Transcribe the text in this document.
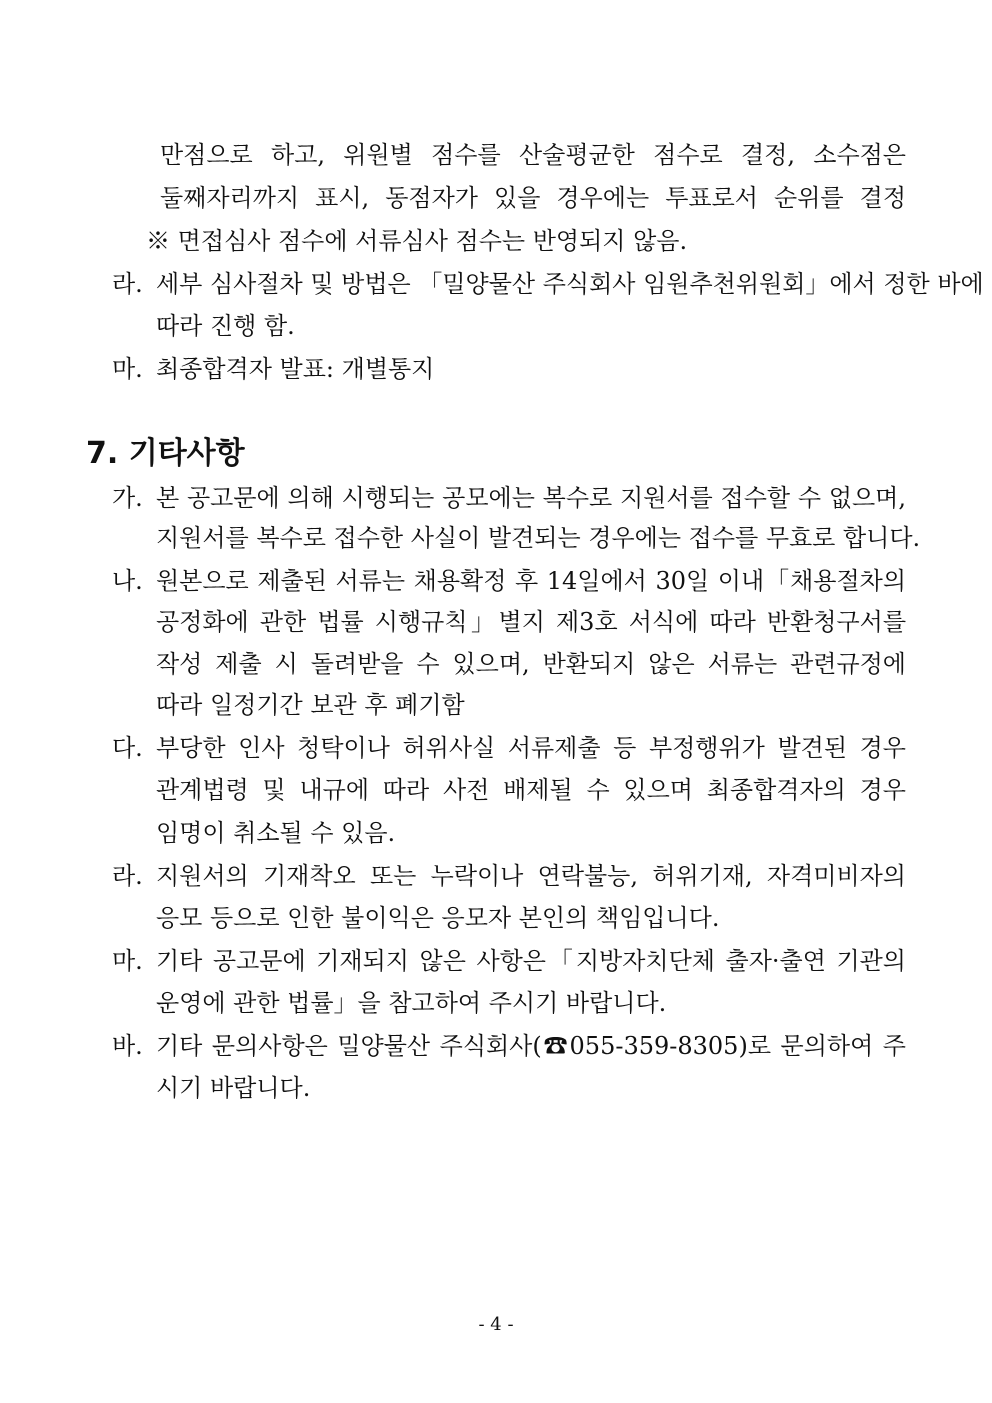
만점으로 하고, 위원별 점수를 산술평균한 점수로 결정, 소수점은
둘째자리까지 표시, 동점자가 있을 경우에는 투표로서 순위를 결정
※ 면접심사 점수에 서류심사 점수는 반영되지 않음.
라. 세부 심사절차 및 방법은 「밀양물산 주식회사 임원추천위원회」에서 정한 바에
따라 진행 함.
마. 최종합격자 발표: 개별통지
7. 기타사항
가. 본 공고문에 의해 시행되는 공모에는 복수로 지원서를 접수할 수 없으며,
지원서를 복수로 접수한 사실이 발견되는 경우에는 접수를 무효로 합니다.
나. 원본으로 제출된 서류는 채용확정 후 14일에서 30일 이내「채용절차의
공정화에 관한 법률 시행규칙」별지 제3호 서식에 따라 반환청구서를
작성 제출 시 돌려받을 수 있으며, 반환되지 않은 서류는 관련규정에
따라 일정기간 보관 후 폐기함
다. 부당한 인사 청탁이나 허위사실 서류제출 등 부정행위가 발견된 경우
관계법령 및 내규에 따라 사전 배제될 수 있으며 최종합격자의 경우
임명이 취소될 수 있음.
라. 지원서의 기재착오 또는 누락이나 연락불능, 허위기재, 자격미비자의
응모 등으로 인한 불이익은 응모자 본인의 책임입니다.
마. 기타 공고문에 기재되지 않은 사항은「지방자치단체 출자·출연 기관의
운영에 관한 법률」을 참고하여 주시기 바랍니다.
바. 기타 문의사항은 밀양물산 주식회사(☎055-359-8305)로 문의하여 주
시기 바랍니다.
- 4 -
